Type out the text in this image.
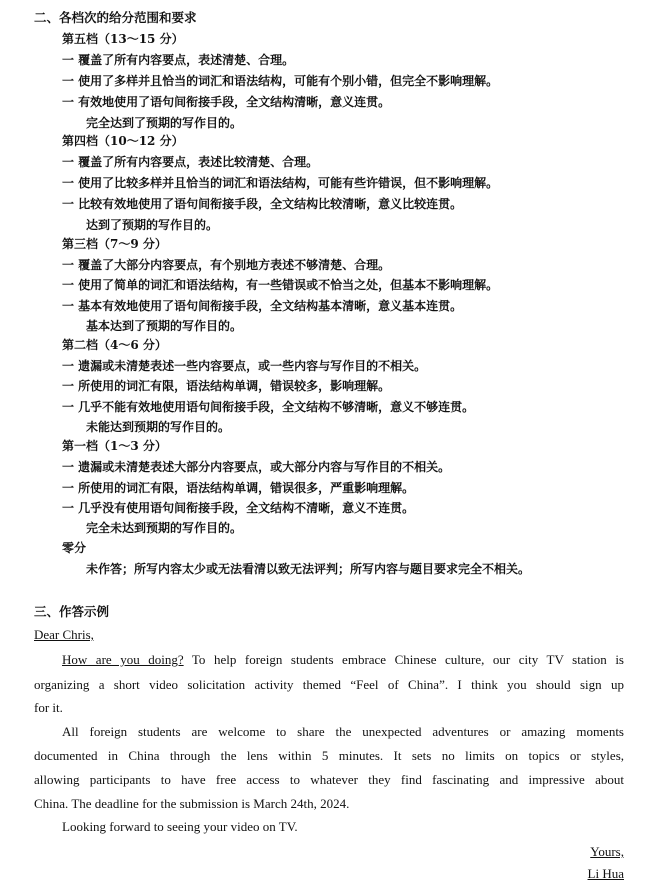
二、各档次的给分范围和要求
第五档（13～15 分）
一 覆盖了所有内容要点，表述清楚、合理。
一 使用了多样并且恰当的词汇和语法结构，可能有个别小错，但完全不影响理解。
一 有效地使用了语句间衔接手段，全文结构清晰，意义连贯。
完全达到了预期的写作目的。
第四档（10～12 分）
一 覆盖了所有内容要点，表述比较清楚、合理。
一 使用了比较多样并且恰当的词汇和语法结构，可能有些许错误，但不影响理解。
一 比较有效地使用了语句间衔接手段，全文结构比较清晰，意义比较连贯。
达到了预期的写作目的。
第三档（7～9 分）
一 覆盖了大部分内容要点，有个别地方表述不够清楚、合理。
一 使用了简单的词汇和语法结构，有一些错误或不恰当之处，但基本不影响理解。
一 基本有效地使用了语句间衔接手段，全文结构基本清晰，意义基本连贯。
基本达到了预期的写作目的。
第二档（4～6 分）
一 遗漏或未清楚表述一些内容要点，或一些内容与写作目的不相关。
一 所使用的词汇有限，语法结构单调，错误较多，影响理解。
一 几乎不能有效地使用语句间衔接手段，全文结构不够清晰，意义不够连贯。
未能达到预期的写作目的。
第一档（1～3 分）
一 遗漏或未清楚表述大部分内容要点，或大部分内容与写作目的不相关。
一 所使用的词汇有限，语法结构单调，错误很多，严重影响理解。
一 几乎没有使用语句间衔接手段，全文结构不清晰，意义不连贯。
完全未达到预期的写作目的。
零分
未作答；所写内容太少或无法看清以致无法评判；所写内容与题目要求完全不相关。
三、作答示例
Dear Chris,
How are you doing? To help foreign students embrace Chinese culture, our city TV station is
organizing a short video solicitation activity themed “Feel of China”. I think you should sign up
for it.
All foreign students are welcome to share the unexpected adventures or amazing moments
documented in China through the lens within 5 minutes. It sets no limits on topics or styles,
allowing participants to have free access to whatever they find fascinating and impressive about
China. The deadline for the submission is March 24th, 2024.
Looking forward to seeing your video on TV.
Yours,
Li Hua
